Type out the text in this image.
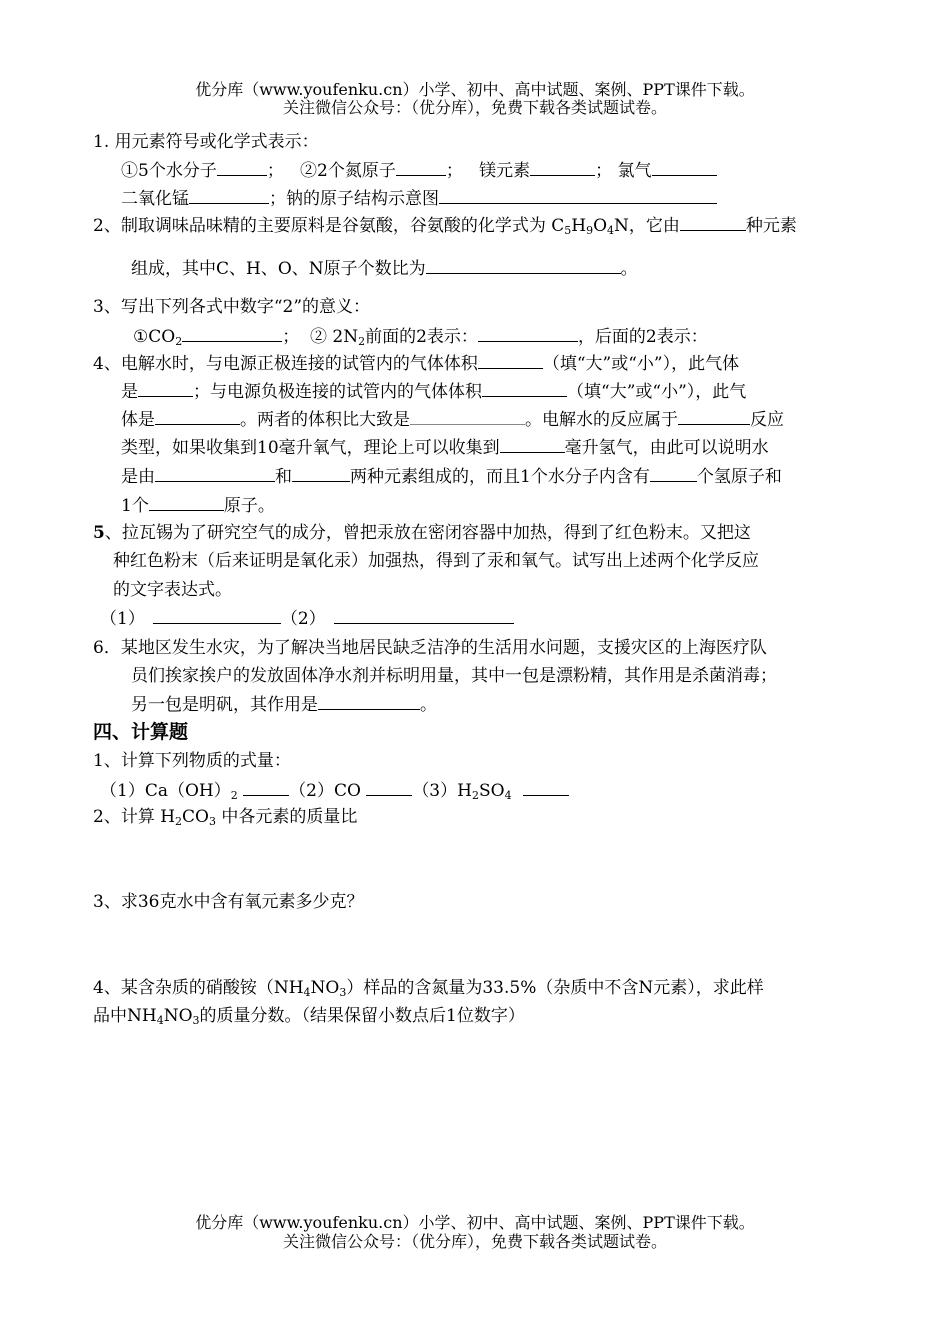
优分库（www.youfenku.cn）小学、初中、高中试题、案例、PPT课件下载。
关注微信公众号：（优分库），免费下载各类试题试卷。
1. 用元素符号或化学式表示：
①5个水分子	；   ②2个氮原子	；   镁元素	； 氯气
二氧化锰	；钠的原子结构示意图
2、制取调味品味精的主要原料是谷氨酸，谷氨酸的化学式为 $C_5H_9O_4N$，它由	种元素
组成，其中C、H、O、N原子个数比为	。
3、写出下列各式中数字“2”的意义：
$①CO_2$	；  ② $2N_2$前面的2表示：	，后面的2表示：
4、电解水时，与电源正极连接的试管内的气体体积	（填“大”或“小”），此气体
是	；与电源负极连接的试管内的气体体积	（填“大”或“小”），此气
体是	。两者的体积比大致是	。电解水的反应属于	反应
类型，如果收集到10毫升氧气，理论上可以收集到	毫升氢气，由此可以说明水
是由	和	两种元素组成的，而且1个水分子内含有	个氢原子和
1个	原子。
5、拉瓦锡为了研究空气的成分，曾把汞放在密闭容器中加热，得到了红色粉末。又把这
种红色粉末（后来证明是氧化汞）加强热，得到了汞和氧气。试写出上述两个化学反应
的文字表达式。
（1）	（2）
6．某地区发生水灾，为了解决当地居民缺乏洁净的生活用水问题，支援灾区的上海医疗队
员们挨家挨户的发放固体净水剂并标明用量，其中一包是漂粉精，其作用是杀菌消毒；
另一包是明矾，其作用是	。
四、计算题
1、计算下列物质的式量：
$(1)Ca(OH)_2$	（2）CO	$(3)H_2SO_4$
2、计算 $H_2CO_3$ 中各元素的质量比
3、求36克水中含有氧元素多少克？
4、某含杂质的硝酸铵$(NH_4NO_3)$样品的含氮量为33.5%（杂质中不含N元素），求此样
品中$NH_4NO_3$的质量分数。（结果保留小数点后1位数字）
优分库（www.youfenku.cn）小学、初中、高中试题、案例、PPT课件下载。
关注微信公众号：（优分库），免费下载各类试题试卷。
